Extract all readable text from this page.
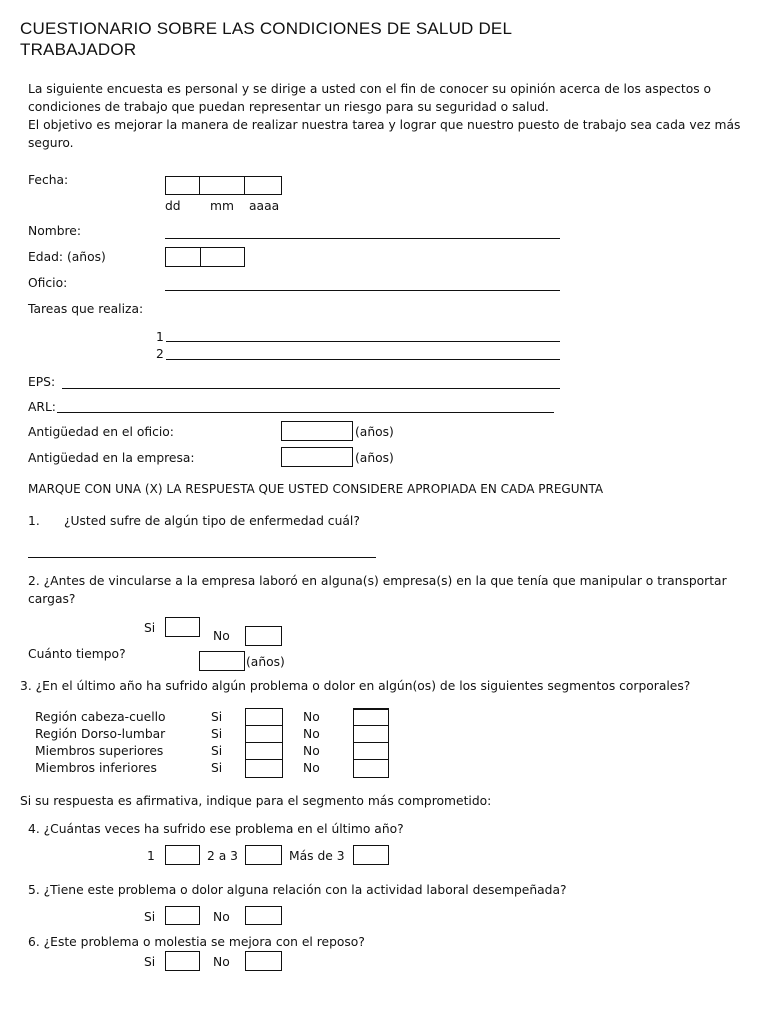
CUESTIONARIO SOBRE LAS CONDICIONES DE SALUD DEL TRABAJADOR

La siguiente encuesta es personal y se dirige a usted con el fin de conocer su opinión acerca de los aspectos o condiciones de trabajo que puedan representar un riesgo para su seguridad o salud.

El objetivo es mejorar la manera de realizar nuestra tarea y lograr que nuestro puesto de trabajo sea cada vez más seguro.

Fecha:
dd mm aaaa
Nombre:
Edad: (años)
Oficio:
Tareas que realiza:
1
2
EPS:
ARL:
Antigüedad en el oficio:	(años)
Antigüedad en la empresa:	(años)
MARQUE CON UNA (X) LA RESPUESTA QUE USTED CONSIDERE APROPIADA EN CADA PREGUNTA
1. ¿Usted sufre de algún tipo de enfermedad cuál?
2. ¿Antes de vincularse a la empresa laboró en alguna(s) empresa(s) en la que tenía que manipular o transportar cargas?
Si
No
Cuánto tiempo?
(años)
3. ¿En el último año ha sufrido algún problema o dolor en algún(os) de los siguientes segmentos corporales?
Región cabeza-cuello	Si	No
Región Dorso-lumbar	Si	No
Miembros superiores	Si	No
Miembros inferiores	Si	No
Si su respuesta es afirmativa, indique para el segmento más comprometido:
4. ¿Cuántas veces ha sufrido ese problema en el último año?
1	2 a 3	Más de 3
5. ¿Tiene este problema o dolor alguna relación con la actividad laboral desempeñada?
Si	No
6. ¿Este problema o molestia se mejora con el reposo?
Si	No
